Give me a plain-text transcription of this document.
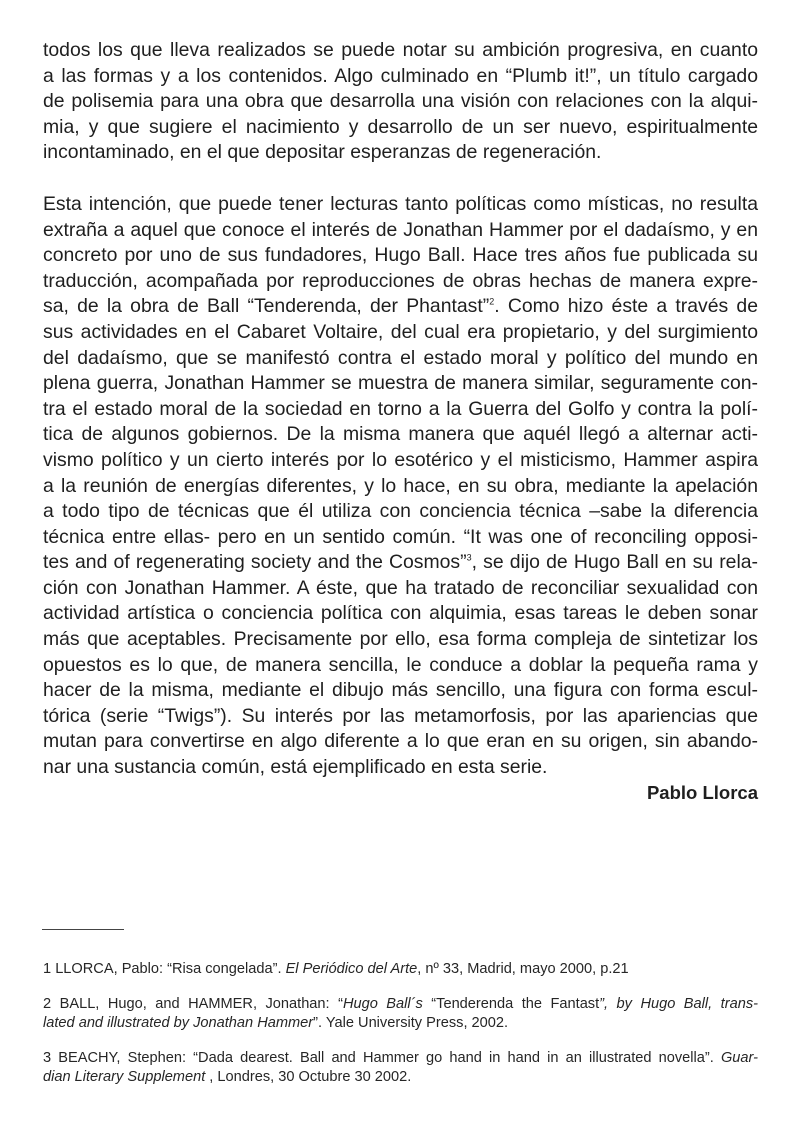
todos los que lleva realizados se puede notar su ambición progresiva, en cuanto
a las formas y a los contenidos. Algo culminado en “Plumb it!”, un título cargado
de polisemia para una obra que desarrolla una visión con relaciones con la alqui-
mia, y que sugiere el nacimiento y desarrollo de un ser nuevo, espiritualmente
incontaminado, en el que depositar esperanzas de regeneración.

Esta intención, que puede tener lecturas tanto políticas como místicas, no resulta
extraña a aquel que conoce el interés de Jonathan Hammer por el dadaísmo, y en
concreto por uno de sus fundadores, Hugo Ball. Hace tres años fue publicada su
traducción, acompañada por reproducciones de obras hechas de manera expre-
sa, de la obra de Ball “Tenderenda, der Phantast”$^2$. Como hizo éste a través de
sus actividades en el Cabaret Voltaire, del cual era propietario, y del surgimiento
del dadaísmo, que se manifestó contra el estado moral y político del mundo en
plena guerra, Jonathan Hammer se muestra de manera similar, seguramente con-
tra el estado moral de la sociedad en torno a la Guerra del Golfo y contra la polí-
tica de algunos gobiernos. De la misma manera que aquél llegó a alternar acti-
vismo político y un cierto interés por lo esotérico y el misticismo, Hammer aspira
a la reunión de energías diferentes, y lo hace, en su obra, mediante la apelación
a todo tipo de técnicas que él utiliza con conciencia técnica –sabe la diferencia
técnica entre ellas- pero en un sentido común. “It was one of reconciling opposi-
tes and of regenerating society and the Cosmos”$^3$, se dijo de Hugo Ball en su rela-
ción con Jonathan Hammer. A éste, que ha tratado de reconciliar sexualidad con
actividad artística o conciencia política con alquimia, esas tareas le deben sonar
más que aceptables. Precisamente por ello, esa forma compleja de sintetizar los
opuestos es lo que, de manera sencilla, le conduce a doblar la pequeña rama y
hacer de la misma, mediante el dibujo más sencillo, una figura con forma escul-
tórica (serie “Twigs”). Su interés por las metamorfosis, por las apariencias que
mutan para convertirse en algo diferente a lo que eran en su origen, sin abando-
nar una sustancia común, está ejemplificado en esta serie.

Pablo Llorca

1 LLORCA, Pablo: “Risa congelada”. El Periódico del Arte, nº 33, Madrid, mayo 2000, p.21

2 BALL, Hugo, and HAMMER, Jonathan: “Hugo Ball´s “Tenderenda the Fantast”, by Hugo Ball, trans-
lated and illustrated by Jonathan Hammer”. Yale University Press, 2002.

3 BEACHY, Stephen: “Dada dearest. Ball and Hammer go hand in hand in an illustrated novella”. Guar-
dian Literary Supplement , Londres, 30 Octubre 30 2002.
